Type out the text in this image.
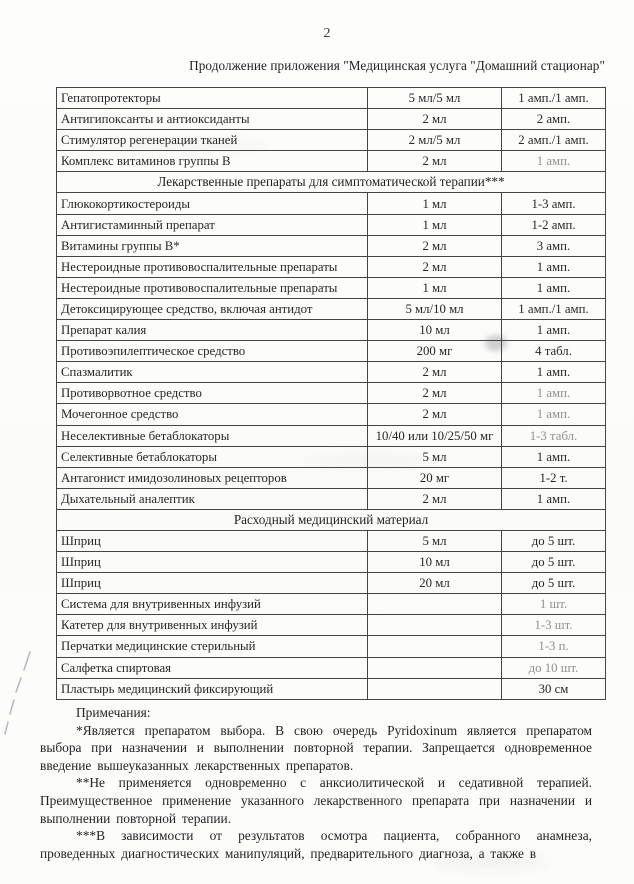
2
Продолжение приложения "Медицинская услуга "Домашний стационар"
Гепатопротекторы	5 мл/5 мл	1 амп./1 амп.
Антигипоксанты и антиоксиданты	2 мл	2 амп.
Стимулятор регенерации тканей	2 мл/5 мл	2 амп./1 амп.
Комплекс витаминов группы В	2 мл	1 амп.
Лекарственные препараты для симптоматической терапии***		
Глюкокортикостероиды	1 мл	1-3 амп.
Антигистаминный препарат	1 мл	1-2 амп.
Витамины группы В*	2 мл	3 амп.
Нестероидные противовоспалительные препараты	2 мл	1 амп.
Нестероидные противовоспалительные препараты	1 мл	1 амп.
Детоксицирующее средство, включая антидот	5 мл/10 мл	1 амп./1 амп.
Препарат калия	10 мл	1 амп.
Противоэпилептическое средство	200 мг	4 табл.
Спазмалитик	2 мл	1 амп.
Противорвотное средство	2 мл	1 амп.
Мочегонное средство	2 мл	1 амп.
Неселективные бетаблокаторы	10/40 или 10/25/50 мг	1-3 табл.
Селективные бетаблокаторы	5 мл	1 амп.
Антагонист имидозолиновых рецепторов	20 мг	1-2 т.
Дыхательный аналептик	2 мл	1 амп.
Расходный медицинский материал		
Шприц	5 мл	до 5 шт.
Шприц	10 мл	до 5 шт.
Шприц	20 мл	до 5 шт.
Система для внутривенных инфузий		1 шт.
Катетер для внутривенных инфузий		1-3 шт.
Перчатки медицинские стерильный		1-3 п.
Салфетка спиртовая		до 10 шт.
Пластырь медицинский фиксирующий		30 см

Примечания:

*Является препаратом выбора. В свою очередь Pyridoxinum является препаратом выбора при назначении и выполнении повторной терапии. Запрещается одновременное введение вышеуказанных лекарственных препаратов.

**Не применяется одновременно с анксиолитической и седативной терапией. Преимущественное применение указанного лекарственного препарата при назначении и выполнении повторной терапии.

***В зависимости от результатов осмотра пациента, собранного анамнеза, проведенных диагностических манипуляций, предварительного диагноза, а также в
